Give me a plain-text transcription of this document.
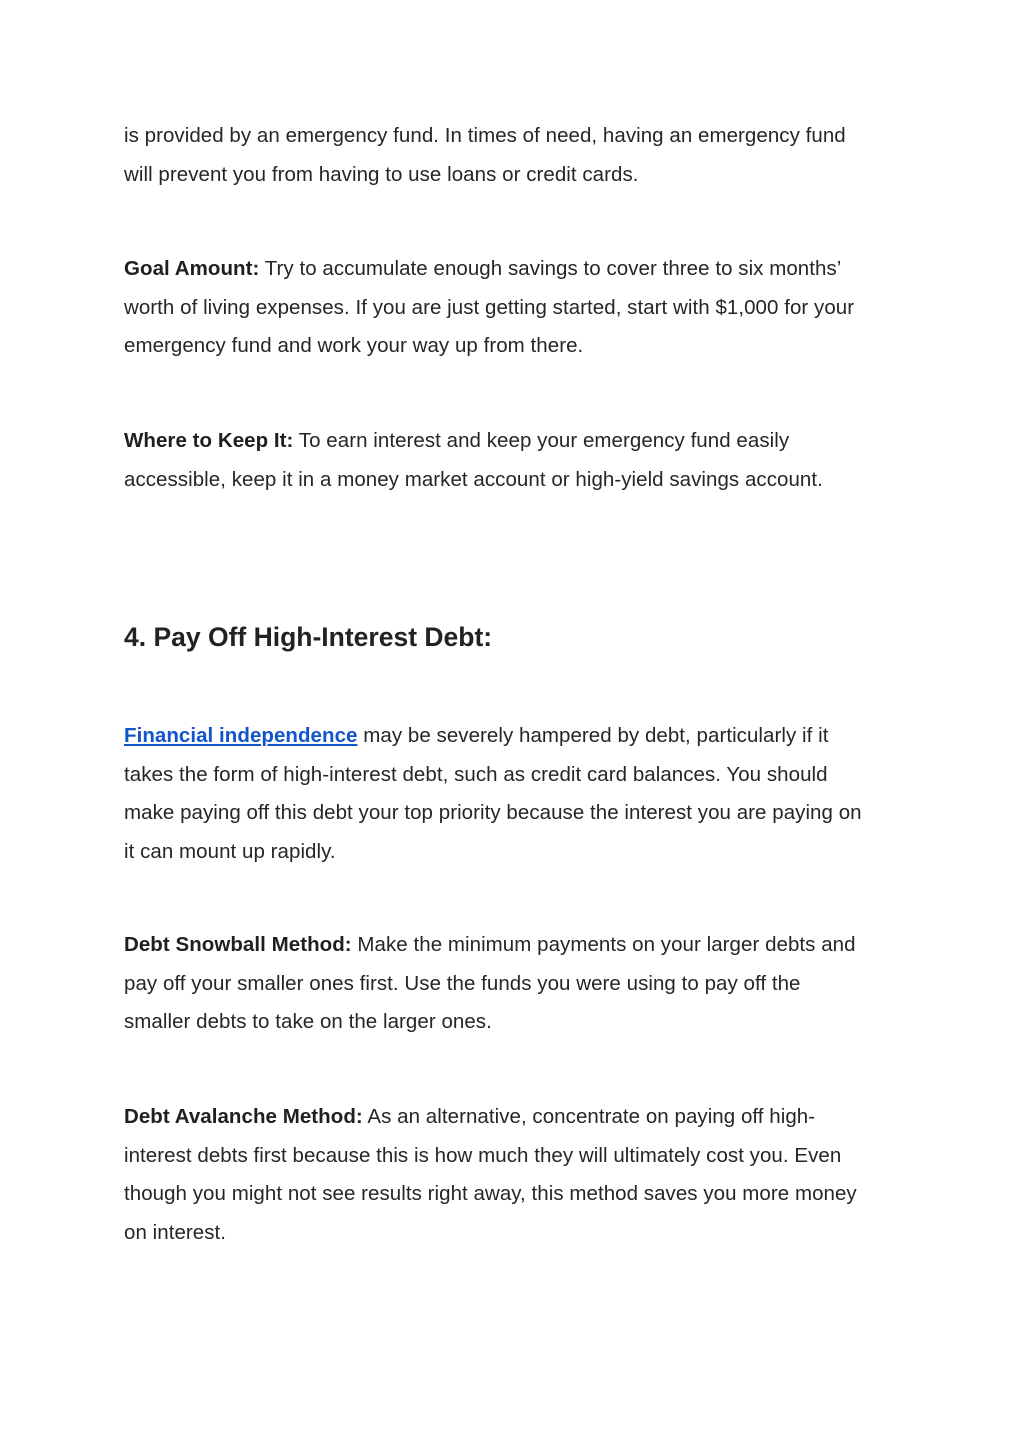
is provided by an emergency fund. In times of need, having an emergency fund will prevent you from having to use loans or credit cards.

Goal Amount: Try to accumulate enough savings to cover three to six months’ worth of living expenses. If you are just getting started, start with $1,000 for your emergency fund and work your way up from there.

Where to Keep It: To earn interest and keep your emergency fund easily accessible, keep it in a money market account or high-yield savings account.

4. Pay Off High-Interest Debt:

Financial independence may be severely hampered by debt, particularly if it takes the form of high-interest debt, such as credit card balances. You should make paying off this debt your top priority because the interest you are paying on it can mount up rapidly.

Debt Snowball Method: Make the minimum payments on your larger debts and pay off your smaller ones first. Use the funds you were using to pay off the smaller debts to take on the larger ones.

Debt Avalanche Method: As an alternative, concentrate on paying off high-interest debts first because this is how much they will ultimately cost you. Even though you might not see results right away, this method saves you more money on interest.
